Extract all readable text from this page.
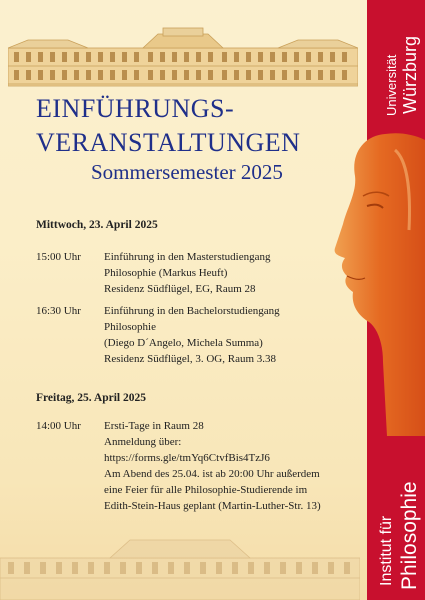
Universität Würzburg
Institut für Philosophie
EINFÜHRUNGS-
VERANSTALTUNGEN
Sommersemester 2025
Mittwoch, 23. April 2025
15:00 Uhr Einführung in den Masterstudiengang
Philosophie (Markus Heuft)
Residenz Südflügel, EG, Raum 28
16:30 Uhr Einführung in den Bachelorstudiengang
Philosophie
(Diego D´Angelo, Michela Summa)
Residenz Südflügel, 3. OG, Raum 3.38
Freitag, 25. April 2025
14:00 Uhr Ersti-Tage in Raum 28
Anmeldung über:
https://forms.gle/tmYq6CtvfBis4TzJ6
Am Abend des 25.04. ist ab 20:00 Uhr außerdem
eine Feier für alle Philosophie-Studierende im
Edith-Stein-Haus geplant (Martin-Luther-Str. 13)
